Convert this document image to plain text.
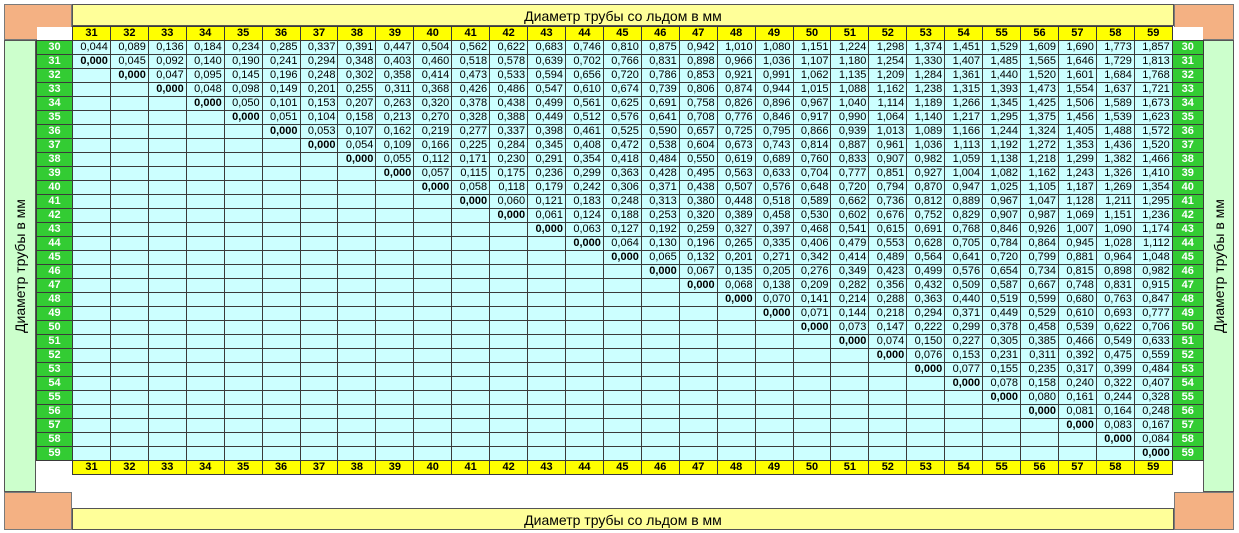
Диаметр трубы со льдом в мм
Диаметр трубы со льдом в мм
Диаметр трубы в мм	Диаметр трубы в мм
	31	32	33	34	35	36	37	38	39	40	41	42	43	44	45	46	47	48	49	50	51	52	53	54	55	56	57	58	59	
30	0,044	0,089	0,136	0,184	0,234	0,285	0,337	0,391	0,447	0,504	0,562	0,622	0,683	0,746	0,810	0,875	0,942	1,010	1,080	1,151	1,224	1,298	1,374	1,451	1,529	1,609	1,690	1,773	1,857	30
31	0,000	0,045	0,092	0,140	0,190	0,241	0,294	0,348	0,403	0,460	0,518	0,578	0,639	0,702	0,766	0,831	0,898	0,966	1,036	1,107	1,180	1,254	1,330	1,407	1,485	1,565	1,646	1,729	1,813	31
32		0,000	0,047	0,095	0,145	0,196	0,248	0,302	0,358	0,414	0,473	0,533	0,594	0,656	0,720	0,786	0,853	0,921	0,991	1,062	1,135	1,209	1,284	1,361	1,440	1,520	1,601	1,684	1,768	32
33			0,000	0,048	0,098	0,149	0,201	0,255	0,311	0,368	0,426	0,486	0,547	0,610	0,674	0,739	0,806	0,874	0,944	1,015	1,088	1,162	1,238	1,315	1,393	1,473	1,554	1,637	1,721	33
34				0,000	0,050	0,101	0,153	0,207	0,263	0,320	0,378	0,438	0,499	0,561	0,625	0,691	0,758	0,826	0,896	0,967	1,040	1,114	1,189	1,266	1,345	1,425	1,506	1,589	1,673	34
35					0,000	0,051	0,104	0,158	0,213	0,270	0,328	0,388	0,449	0,512	0,576	0,641	0,708	0,776	0,846	0,917	0,990	1,064	1,140	1,217	1,295	1,375	1,456	1,539	1,623	35
36						0,000	0,053	0,107	0,162	0,219	0,277	0,337	0,398	0,461	0,525	0,590	0,657	0,725	0,795	0,866	0,939	1,013	1,089	1,166	1,244	1,324	1,405	1,488	1,572	36
37							0,000	0,054	0,109	0,166	0,225	0,284	0,345	0,408	0,472	0,538	0,604	0,673	0,743	0,814	0,887	0,961	1,036	1,113	1,192	1,272	1,353	1,436	1,520	37
38								0,000	0,055	0,112	0,171	0,230	0,291	0,354	0,418	0,484	0,550	0,619	0,689	0,760	0,833	0,907	0,982	1,059	1,138	1,218	1,299	1,382	1,466	38
39									0,000	0,057	0,115	0,175	0,236	0,299	0,363	0,428	0,495	0,563	0,633	0,704	0,777	0,851	0,927	1,004	1,082	1,162	1,243	1,326	1,410	39
40										0,000	0,058	0,118	0,179	0,242	0,306	0,371	0,438	0,507	0,576	0,648	0,720	0,794	0,870	0,947	1,025	1,105	1,187	1,269	1,354	40
41											0,000	0,060	0,121	0,183	0,248	0,313	0,380	0,448	0,518	0,589	0,662	0,736	0,812	0,889	0,967	1,047	1,128	1,211	1,295	41
42												0,000	0,061	0,124	0,188	0,253	0,320	0,389	0,458	0,530	0,602	0,676	0,752	0,829	0,907	0,987	1,069	1,151	1,236	42
43													0,000	0,063	0,127	0,192	0,259	0,327	0,397	0,468	0,541	0,615	0,691	0,768	0,846	0,926	1,007	1,090	1,174	43
44														0,000	0,064	0,130	0,196	0,265	0,335	0,406	0,479	0,553	0,628	0,705	0,784	0,864	0,945	1,028	1,112	44
45															0,000	0,065	0,132	0,201	0,271	0,342	0,414	0,489	0,564	0,641	0,720	0,799	0,881	0,964	1,048	45
46																0,000	0,067	0,135	0,205	0,276	0,349	0,423	0,499	0,576	0,654	0,734	0,815	0,898	0,982	46
47																	0,000	0,068	0,138	0,209	0,282	0,356	0,432	0,509	0,587	0,667	0,748	0,831	0,915	47
48																		0,000	0,070	0,141	0,214	0,288	0,363	0,440	0,519	0,599	0,680	0,763	0,847	48
49																			0,000	0,071	0,144	0,218	0,294	0,371	0,449	0,529	0,610	0,693	0,777	49
50																				0,000	0,073	0,147	0,222	0,299	0,378	0,458	0,539	0,622	0,706	50
51																					0,000	0,074	0,150	0,227	0,305	0,385	0,466	0,549	0,633	51
52																						0,000	0,076	0,153	0,231	0,311	0,392	0,475	0,559	52
53																							0,000	0,077	0,155	0,235	0,317	0,399	0,484	53
54																								0,000	0,078	0,158	0,240	0,322	0,407	54
55																									0,000	0,080	0,161	0,244	0,328	55
56																										0,000	0,081	0,164	0,248	56
57																											0,000	0,083	0,167	57
58																												0,000	0,084	58
59																													0,000	59
	31	32	33	34	35	36	37	38	39	40	41	42	43	44	45	46	47	48	49	50	51	52	53	54	55	56	57	58	59	
